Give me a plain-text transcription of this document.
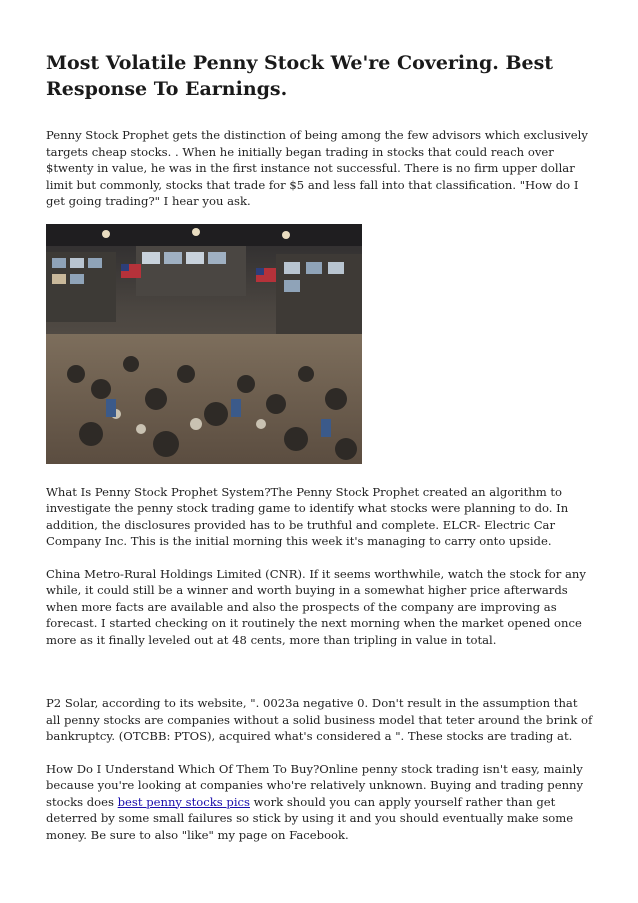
Most Volatile Penny Stock We're Covering. Best Response To Earnings.

Penny Stock Prophet gets the distinction of being among the few advisors which exclusively targets cheap stocks. . When he initially began trading in stocks that could reach over $twenty in value, he was in the first instance not successful. There is no firm upper dollar limit but commonly, stocks that trade for $5 and less fall into that classification. "How do I get going trading?" I hear you ask.

What Is Penny Stock Prophet System?The Penny Stock Prophet created an algorithm to investigate the penny stock trading game to identify what stocks were planning to do. In addition, the disclosures provided has to be truthful and complete. ELCR- Electric Car Company Inc. This is the initial morning this week it's managing to carry onto upside.

China Metro-Rural Holdings Limited (CNR). If it seems worthwhile, watch the stock for any while, it could still be a winner and worth buying in a somewhat higher price afterwards when more facts are available and also the prospects of the company are improving as forecast. I started checking on it routinely the next morning when the market opened once more as it finally leveled out at 48 cents, more than tripling in value in total.

P2 Solar, according to its website, ". 0023a negative 0. Don't result in the assumption that all penny stocks are companies without a solid business model that teter around the brink of bankruptcy. (OTCBB: PTOS), acquired what's considered a ". These stocks are trading at.

How Do I Understand Which Of Them To Buy?Online penny stock trading isn't easy, mainly because you're looking at companies who're relatively unknown. Buying and trading penny stocks does best penny stocks pics work should you can apply yourself rather than get deterred by some small failures so stick by using it and you should eventually make some money. Be sure to also "like" my page on Facebook.
